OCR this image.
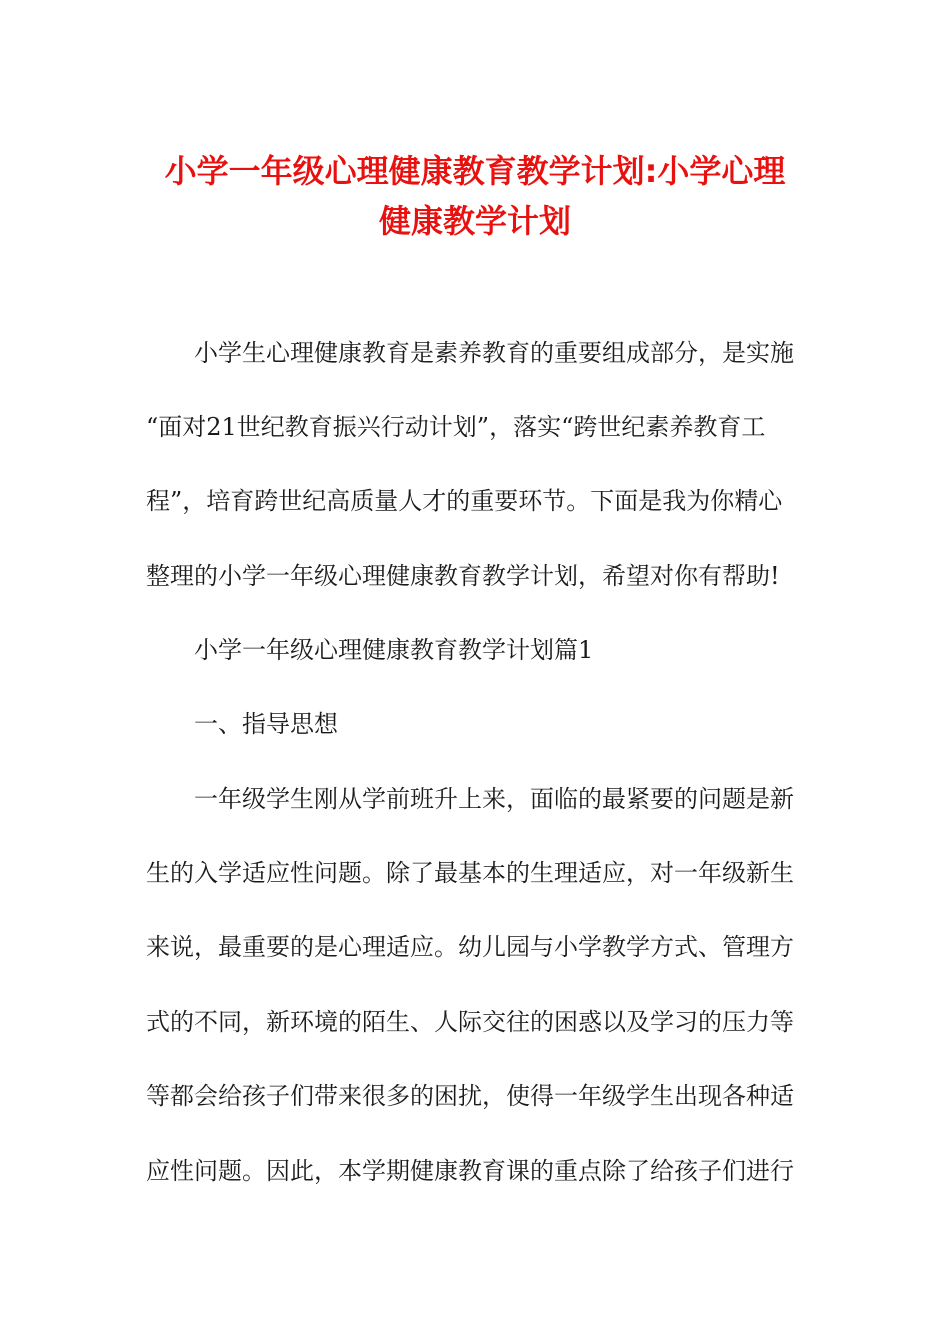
小学一年级心理健康教育教学计划:小学心理
健康教学计划

小学生心理健康教育是素养教育的重要组成部分，是实施

“面对21世纪教育振兴行动计划”，落实“跨世纪素养教育工

程”，培育跨世纪高质量人才的重要环节。下面是我为你精心

整理的小学一年级心理健康教育教学计划，希望对你有帮助!

小学一年级心理健康教育教学计划篇1

一、指导思想

一年级学生刚从学前班升上来，面临的最紧要的问题是新

生的入学适应性问题。除了最基本的生理适应，对一年级新生

来说，最重要的是心理适应。幼儿园与小学教学方式、管理方

式的不同，新环境的陌生、人际交往的困惑以及学习的压力等

等都会给孩子们带来很多的困扰，使得一年级学生出现各种适

应性问题。因此，本学期健康教育课的重点除了给孩子们进行
